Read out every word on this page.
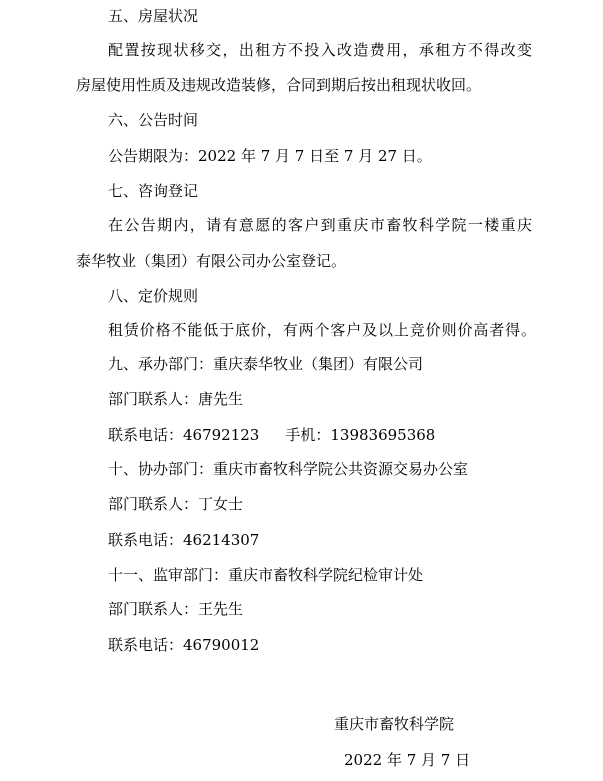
五、房屋状况
配置按现状移交，出租方不投入改造费用，承租方不得改变
房屋使用性质及违规改造装修，合同到期后按出租现状收回。
六、公告时间
公告期限为：2022 年 7 月 7 日至 7 月 27 日。
七、咨询登记
在公告期内，请有意愿的客户到重庆市畜牧科学院一楼重庆
泰华牧业（集团）有限公司办公室登记。
八、定价规则
租赁价格不能低于底价，有两个客户及以上竞价则价高者得。
九、承办部门：重庆泰华牧业（集团）有限公司
部门联系人：唐先生
联系电话：46792123 手机：13983695368
十、协办部门：重庆市畜牧科学院公共资源交易办公室
部门联系人：丁女士
联系电话：46214307
十一、监审部门：重庆市畜牧科学院纪检审计处
部门联系人：王先生
联系电话：46790012
重庆市畜牧科学院
2022 年 7 月 7 日
